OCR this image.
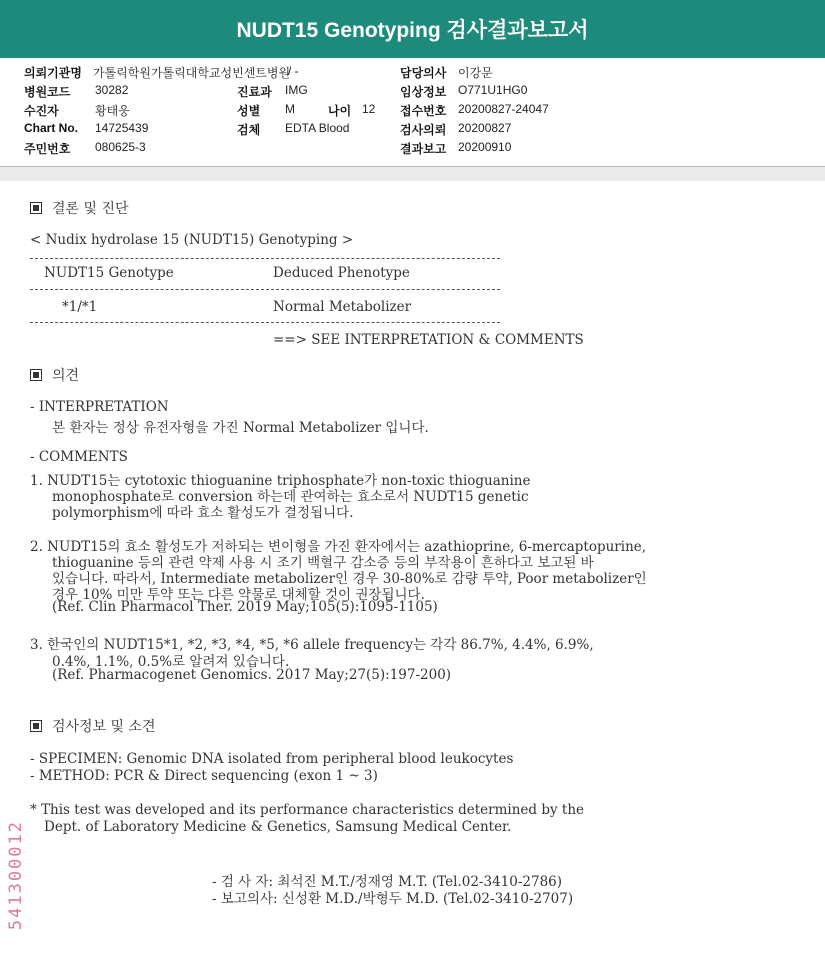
NUDT15 Genotyping 검사결과보고서
의뢰기관명 가톨릭학원가톨릭대학교성빈센트병원
/ -	담당의사 이강문
병원코드 30282	진료과 IMG	임상정보 O771U1HG0
수진자	황태웅	성별 M	나이 12 접수번호 20200827-24047
Chart No. 14725439	검체 EDTA Blood	검사의뢰 20200827
주민번호 080625-3	결과보고 20200910
결론 및 진단
< Nudix hydrolase 15 (NUDT15) Genotyping >
NUDT15 Genotype	Deduced Phenotype
*1/*1	Normal Metabolizer
==> SEE INTERPRETATION & COMMENTS
의견
- INTERPRETATION
본 환자는 정상 유전자형을 가진 Normal Metabolizer 입니다.
- COMMENTS
1. NUDT15는 cytotoxic thioguanine triphosphate가 non-toxic thioguanine
monophosphate로 conversion 하는데 관여하는 효소로서 NUDT15 genetic
polymorphism에 따라 효소 활성도가 결정됩니다.
2. NUDT15의 효소 활성도가 저하되는 변이형을 가진 환자에서는 azathioprine, 6-mercaptopurine,
thioguanine 등의 관련 약제 사용 시 조기 백혈구 감소증 등의 부작용이 흔하다고 보고된 바
있습니다. 따라서, Intermediate metabolizer인 경우 30-80%로 감량 투약, Poor metabolizer인
경우 10% 미만 투약 또는 다른 약물로 대체할 것이 권장됩니다.
(Ref. Clin Pharmacol Ther. 2019 May;105(5):1095-1105)
3. 한국인의 NUDT15*1, *2, *3, *4, *5, *6 allele frequency는 각각 86.7%, 4.4%, 6.9%,
0.4%, 1.1%, 0.5%로 알려져 있습니다.
(Ref. Pharmacogenet Genomics. 2017 May;27(5):197-200)
검사정보 및 소견
- SPECIMEN: Genomic DNA isolated from peripheral blood leukocytes
- METHOD: PCR & Direct sequencing (exon 1 ~ 3)
* This test was developed and its performance characteristics determined by the
Dept. of Laboratory Medicine & Genetics, Samsung Medical Center.
- 검 사 자: 최석진 M.T./정재영 M.T. (Tel.02-3410-2786)
- 보고의사: 신성환 M.D./박형두 M.D. (Tel.02-3410-2707)
541300012
